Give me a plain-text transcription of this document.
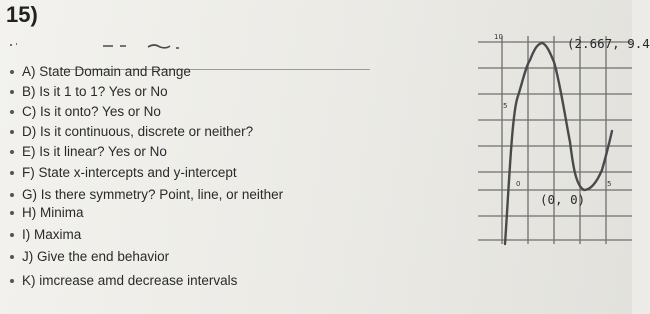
15)
A)
State Domain and Range
B)
Is it 1 to 1? Yes or No
C)
Is it onto? Yes or No
D)
Is it continuous, discrete or neither?
E)
Is it linear? Yes or No
F)
State x-intercepts and y-intercept
G)
Is there symmetry? Point, line, or neither
H)
Minima
I)
Maxima
J)
Give the end behavior
K)
imcrease amd decrease intervals
10
5
0	5
(2.667, 9.4
(0, 0)
